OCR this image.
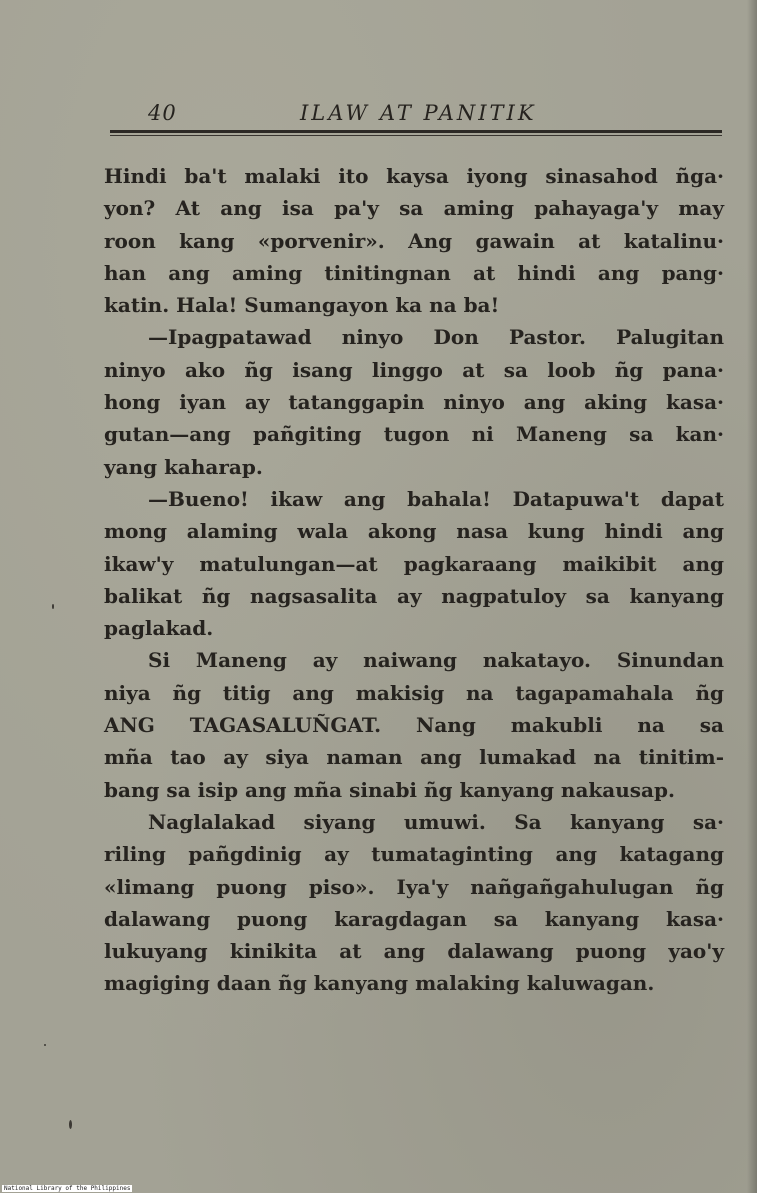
40	ILAW AT PANITIK
Hindi ba't malaki ito kaysa iyong sinasahod ñga·
yon? At ang isa pa'y sa aming pahayaga'y may
roon kang «porvenir». Ang gawain at katalinu·
han ang aming tinitingnan at hindi ang pang·
katin. Hala! Sumangayon ka na ba!
—Ipagpatawad ninyo Don Pastor. Palugitan
ninyo ako ñg isang linggo at sa loob ñg pana·
hong iyan ay tatanggapin ninyo ang aking kasa·
gutan—ang pañgiting tugon ni Maneng sa kan·
yang kaharap.
—Bueno! ikaw ang bahala! Datapuwa't dapat
mong alaming wala akong nasa kung hindi ang
ikaw'y matulungan—at pagkaraang maikibit ang
balikat ñg nagsasalita ay nagpatuloy sa kanyang
paglakad.
Si Maneng ay naiwang nakatayo. Sinundan
niya ñg titig ang makisig na tagapamahala ñg
ANG TAGASALUÑGAT. Nang makubli na sa
mña tao ay siya naman ang lumakad na tinitim-
bang sa isip ang mña sinabi ñg kanyang nakausap.
Naglalakad siyang umuwi. Sa kanyang sa·
riling pañgdinig ay tumataginting ang katagang
«limang puong piso». Iya'y nañgañgahulugan ñg
dalawang puong karagdagan sa kanyang kasa·
lukuyang kinikita at ang dalawang puong yao'y
magiging daan ñg kanyang malaking kaluwagan.
National Library of the Philippines
